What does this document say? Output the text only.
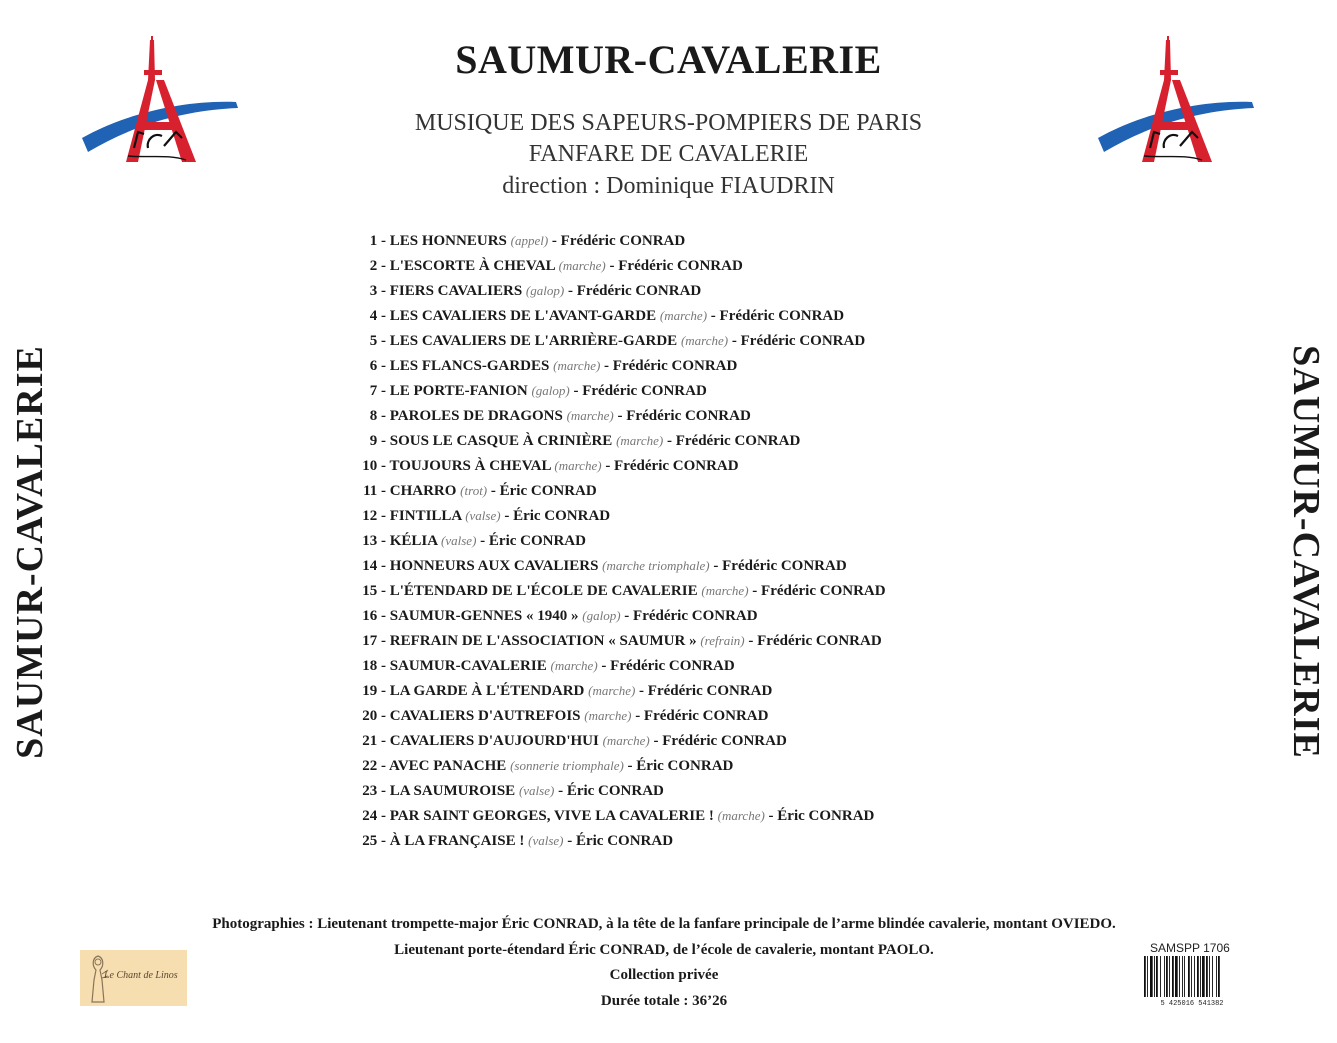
SAUMUR-CAVALERIE
MUSIQUE DES SAPEURS-POMPIERS DE PARIS
FANFARE DE CAVALERIE
direction : Dominique FIAUDRIN
SAUMUR-CAVALERIE	SAUMUR-CAVALERIE
1 - LES HONNEURS (appel) - Frédéric CONRAD
2 - L'ESCORTE À CHEVAL (marche) - Frédéric CONRAD
3 - FIERS CAVALIERS (galop) - Frédéric CONRAD
4 - LES CAVALIERS DE L'AVANT-GARDE (marche) - Frédéric CONRAD
5 - LES CAVALIERS DE L'ARRIÈRE-GARDE (marche) - Frédéric CONRAD
6 - LES FLANCS-GARDES (marche) - Frédéric CONRAD
7 - LE PORTE-FANION (galop) - Frédéric CONRAD
8 - PAROLES DE DRAGONS (marche) - Frédéric CONRAD
9 - SOUS LE CASQUE À CRINIÈRE (marche) - Frédéric CONRAD
10 - TOUJOURS À CHEVAL (marche) - Frédéric CONRAD
11 - CHARRO (trot) - Éric CONRAD
12 - FINTILLA (valse) - Éric CONRAD
13 - KÉLIA (valse) - Éric CONRAD
14 - HONNEURS AUX CAVALIERS (marche triomphale) - Frédéric CONRAD
15 - L'ÉTENDARD DE L'ÉCOLE DE CAVALERIE (marche) - Frédéric CONRAD
16 - SAUMUR-GENNES « 1940 » (galop) - Frédéric CONRAD
17 - REFRAIN DE L'ASSOCIATION « SAUMUR » (refrain) - Frédéric CONRAD
18 - SAUMUR-CAVALERIE (marche) - Frédéric CONRAD
19 - LA GARDE À L'ÉTENDARD (marche) - Frédéric CONRAD
20 - CAVALIERS D'AUTREFOIS (marche) - Frédéric CONRAD
21 - CAVALIERS D'AUJOURD'HUI (marche) - Frédéric CONRAD
22 - AVEC PANACHE (sonnerie triomphale) - Éric CONRAD
23 - LA SAUMUROISE (valse) - Éric CONRAD
24 - PAR SAINT GEORGES, VIVE LA CAVALERIE ! (marche) - Éric CONRAD
25 - À LA FRANÇAISE ! (valse) - Éric CONRAD
Photographies : Lieutenant trompette-major Éric CONRAD, à la tête de la fanfare principale de l’arme blindée cavalerie, montant OVIEDO.
Lieutenant porte-étendard Éric CONRAD, de l’école de cavalerie, montant PAOLO.
Collection privée
Durée totale : 36’26
Le Chant de Linos
SAMSPP 1706
5 425016 541382
